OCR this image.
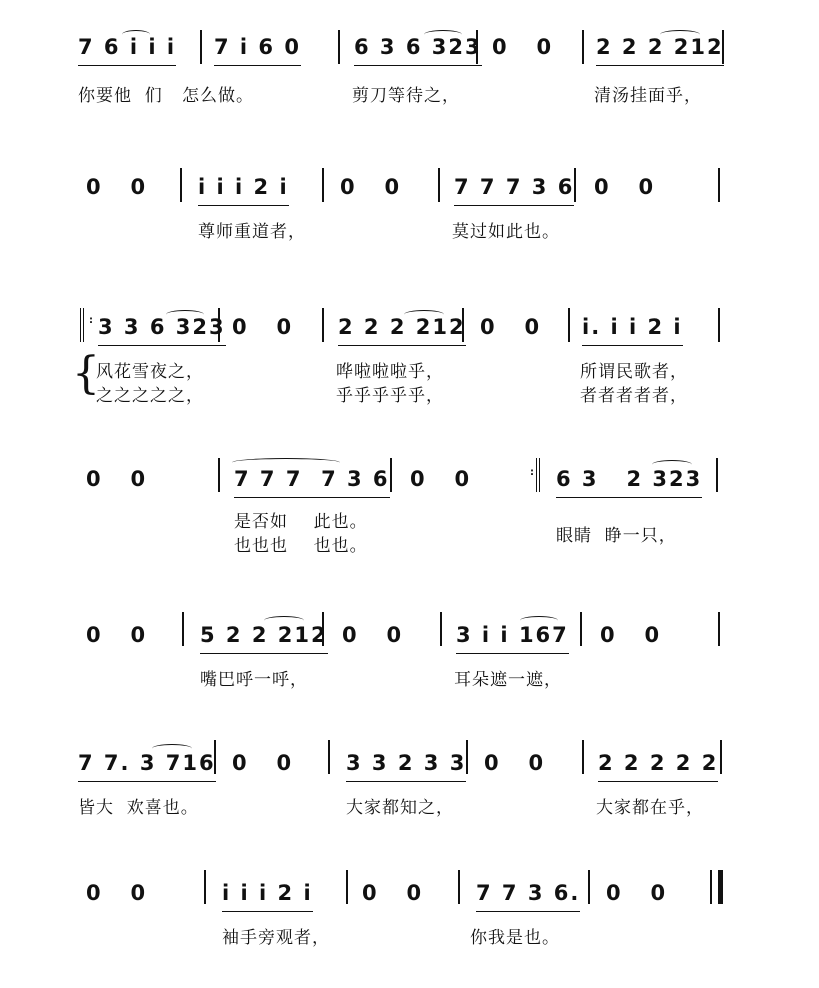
7 6 i i i 7 i 6 0	6 3 6 323 0   0 2 2 2 212
你要他  们   怎么做。	剪刀等待之，	清汤挂面乎，
0   0 i i i 2 i 0   0	7 7 7 3 6 0   0
尊师重道者，	莫过如此也。
: 3 3 6 323 0   0 2 2 2 212 0   0 i. i i 2 i
{
风花雪夜之，	哗啦啦啦乎，	所谓民歌者，
之之之之之，	乎乎乎乎乎，	者者者者者，
0   0	7 7 7  7 3 6 0   0	: 6 3   2 323
是否如    此也。
也也也    也也。	眼睛  睁一只，
0   0	5 2 2 212 0   0	3 i i 167 0   0
嘴巴呼一呼，	耳朵遮一遮，
7 7. 3 716 0   0	3 3 2 3 3 0   0	2 2 2 2 2
皆大  欢喜也。	大家都知之，	大家都在乎，
0   0	i i i 2 i 0   0	7 7 3 6. 0   0
袖手旁观者，	你我是也。
